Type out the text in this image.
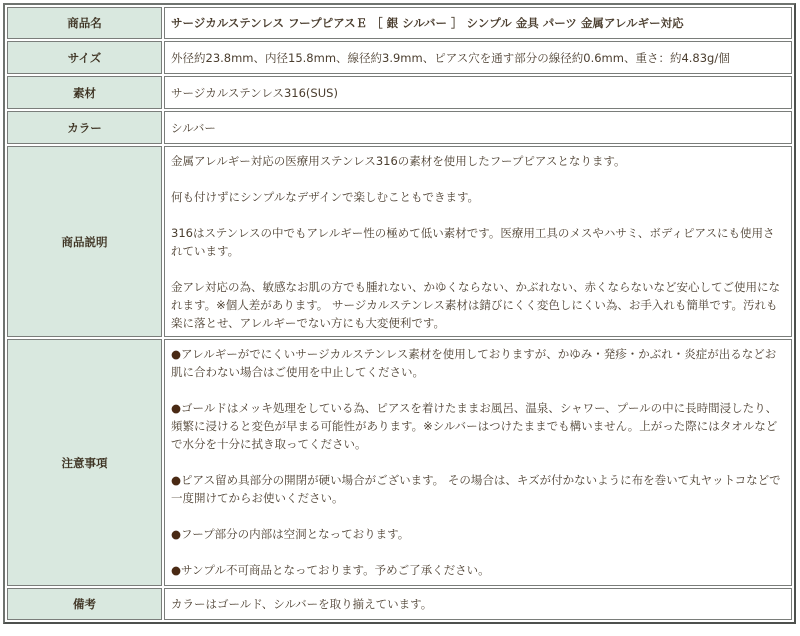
商品名	サージカルステンレス フープピアスＥ ［ 銀 シルバー ］ シンプル 金具 パーツ 金属アレルギー対応
サイズ	外径約23.8mm、内径15.8mm、線径約3.9mm、ピアス穴を通す部分の線径約0.6mm、重さ：約4.83g/個
素材	サージカルステンレス316(SUS)
カラー	シルバー
商品説明	金属アレルギー対応の医療用ステンレス316の素材を使用したフープピアスとなります。

何も付けずにシンプルなデザインで楽しむこともできます。

316はステンレスの中でもアレルギー性の極めて低い素材です。医療用工具のメスやハサミ、ボディピアスにも使用されています。

金アレ対応の為、敏感なお肌の方でも腫れない、かゆくならない、かぶれない、赤くならないなど安心してご使用になれます。※個人差があります。 サージカルステンレス素材は錆びにくく変色しにくい為、お手入れも簡単です。汚れも楽に落とせ、アレルギーでない方にも大変便利です。

注意事項	●アレルギーがでにくいサージカルステンレス素材を使用しておりますが、かゆみ・発疹・かぶれ・炎症が出るなどお肌に合わない場合はご使用を中止してください。

●ゴールドはメッキ処理をしている為、ピアスを着けたままお風呂、温泉、シャワー、プールの中に長時間浸したり、頻繁に浸けると変色が早まる可能性があります。※シルバーはつけたままでも構いません。上がった際にはタオルなどで水分を十分に拭き取ってください。

●ピアス留め具部分の開閉が硬い場合がございます。 その場合は、キズが付かないように布を巻いて丸ヤットコなどで一度開けてからお使いください。

●フープ部分の内部は空洞となっております。

●サンプル不可商品となっております。予めご了承ください。

備考	カラーはゴールド、シルバーを取り揃えています。
